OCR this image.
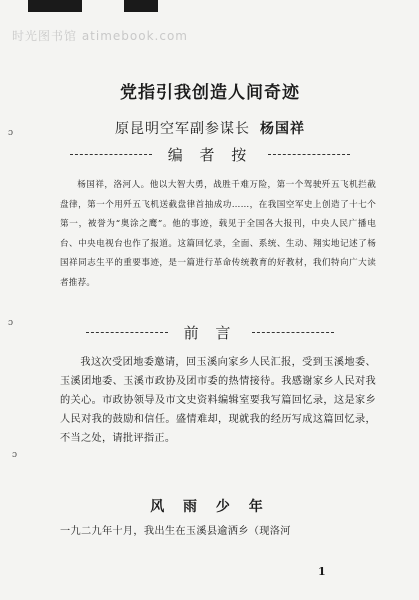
时光图书馆 atimebook.com
ɔ
ɔ
ɔ
党指引我创造人间奇迹
原昆明空军副参谋长 杨国祥
编 者 按

杨国祥，洛河人。他以大智大勇，战胜千难万险，第一个驾驶歼五飞机拦截盘律，第一个用歼五飞机送截盘律首抽成功……，在我国空军史上创造了十七个第一，被誉为“奥涂之鹰”。他的事迹，载见于全国各大报刊，中央人民广播电台、中央电视台也作了报道。这篇回忆录，全面、系统、生动、翔实地记述了杨国祥同志生平的重要事迹，是一篇进行革命传统教育的好教材，我们特向广大读者推荐。

前 言

我这次受团地委邀请，回玉溪向家乡人民汇报，受到玉溪地委、玉溪团地委、玉溪市政协及团市委的热情接待。我感谢家乡人民对我的关心。市政协领导及市文史资料编辑室要我写篇回忆录，这是家乡人民对我的鼓励和信任。盛情难却，现就我的经历写成这篇回忆录，不当之处，请批评指正。

风 雨 少 年
一九二九年十月，我出生在玉溪县逾洒乡（现洛河
1
